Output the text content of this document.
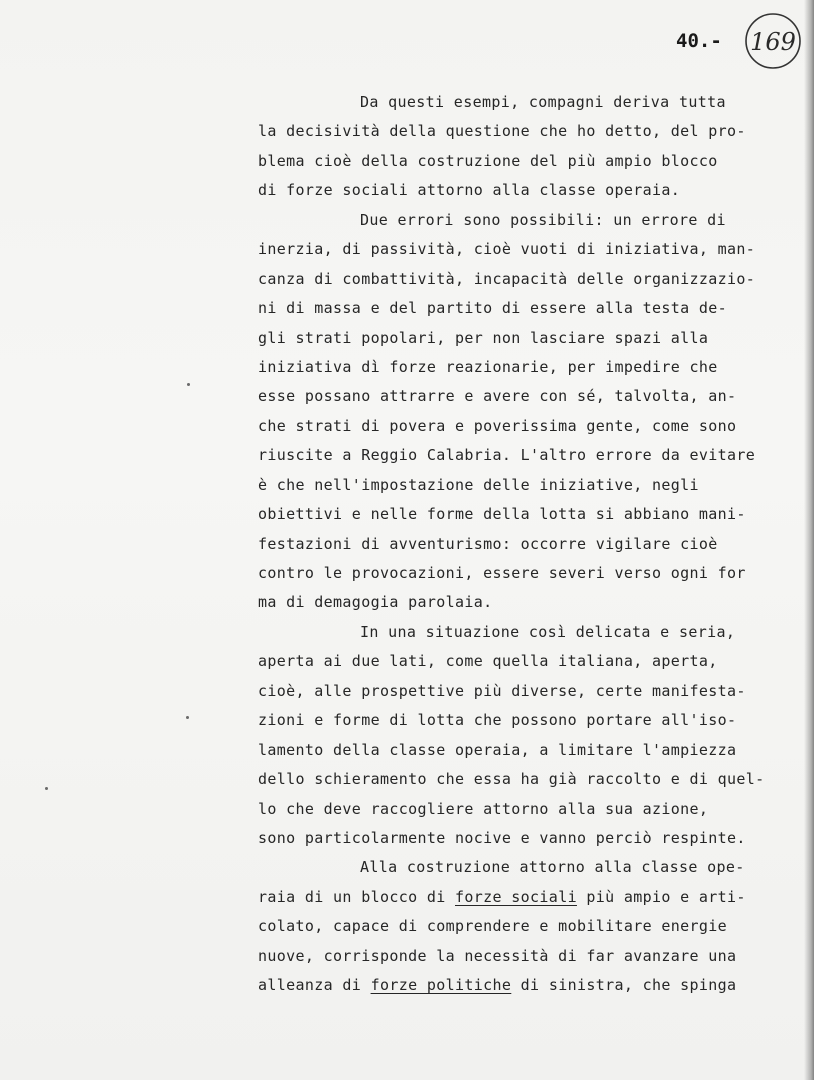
40.- 169
Da questi esempi, compagni deriva tutta
la decisività della questione che ho detto, del pro-
blema cioè della costruzione del più ampio blocco
di forze sociali attorno alla classe operaia.
Due errori sono possibili: un errore di
inerzia, di passività, cioè vuoti di iniziativa, man-
canza di combattività, incapacità delle organizzazio-
ni di massa e del partito di essere alla testa de-
gli strati popolari, per non lasciare spazi alla
iniziativa dì forze reazionarie, per impedire che
esse possano attrarre e avere con sé, talvolta, an-
che strati di povera e poverissima gente, come sono
riuscite a Reggio Calabria. L'altro errore da evitare
è che nell'impostazione delle iniziative, negli
obiettivi e nelle forme della lotta si abbiano mani-
festazioni di avventurismo: occorre vigilare cioè
contro le provocazioni, essere severi verso ogni for
ma di demagogia parolaia.
In una situazione così delicata e seria,
aperta ai due lati, come quella italiana, aperta,
cioè, alle prospettive più diverse, certe manifesta-
zioni e forme di lotta che possono portare all'iso-
lamento della classe operaia, a limitare l'ampiezza
dello schieramento che essa ha già raccolto e di quel-
lo che deve raccogliere attorno alla sua azione,
sono particolarmente nocive e vanno perciò respinte.
Alla costruzione attorno alla classe ope-
raia di un blocco di forze sociali più ampio e arti-
colato, capace di comprendere e mobilitare energie
nuove, corrisponde la necessità di far avanzare una
alleanza di forze politiche di sinistra, che spinga
